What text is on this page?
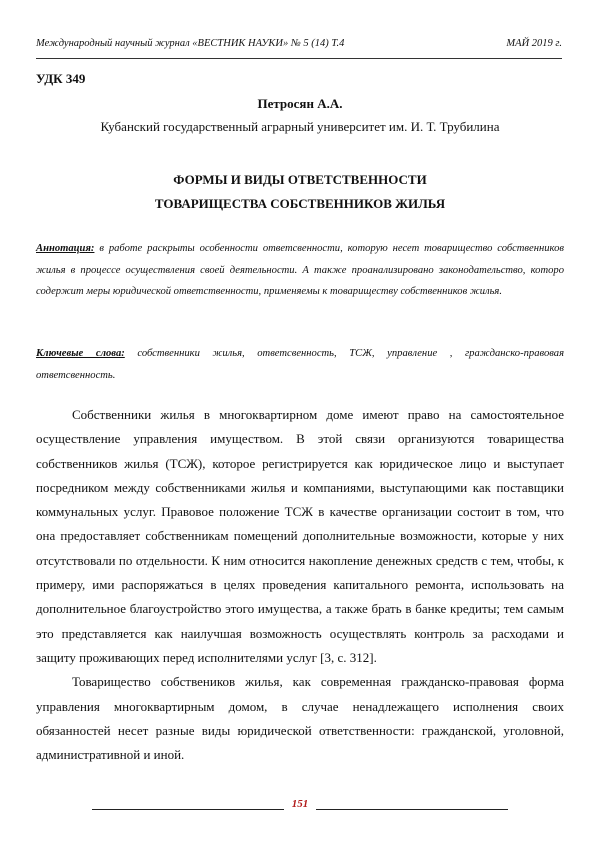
Международный научный журнал «ВЕСТНИК НАУКИ» № 5 (14) Т.4	МАЙ 2019 г.
УДК 349
Петросян А.А.
Кубанский государственный аграрный университет им. И. Т. Трубилина
ФОРМЫ И ВИДЫ ОТВЕТСТВЕННОСТИ
ТОВАРИЩЕСТВА СОБСТВЕННИКОВ ЖИЛЬЯ
Аннотация: в работе раскрыты особенности ответсвенности, которую несет товарищество собственников жилья в процессе осуществления своей деятельности. А также проанализировано законодательство, которо содержит меры юридической ответственности, применяемы к товариществу собственников жилья.
Ключевые слова: собственники жилья, ответсвенность, ТСЖ, управление , гражданско-правовая ответсвенность.

Собственники жилья в многоквартирном доме имеют право на самостоятельное осуществление управления имуществом. В этой связи организуются товарищества собственников жилья (ТСЖ), которое регистрируется как юридическое лицо и выступает посредником между собственниками жилья и компаниями, выступающими как поставщики коммунальных услуг. Правовое положение ТСЖ в качестве организации состоит в том, что она предоставляет собственникам помещений дополнительные возможности, которые у них отсутствовали по отдельности. К ним относится накопление денежных средств с тем, чтобы, к примеру, ими распоряжаться в целях проведения капитального ремонта, использовать на дополнительное благоустройство этого имущества, а также брать в банке кредиты; тем самым это представляется как наилучшая возможность осуществлять контроль за расходами и защиту проживающих перед исполнителями услуг [3, с. 312].

Товарищество собствеников жилья, как современная гражданско-правовая форма управления многоквартирным домом, в случае ненадлежащего исполнения своих обязанностей несет разные виды юридической ответственности: гражданской, уголовной, административной и иной.

151
